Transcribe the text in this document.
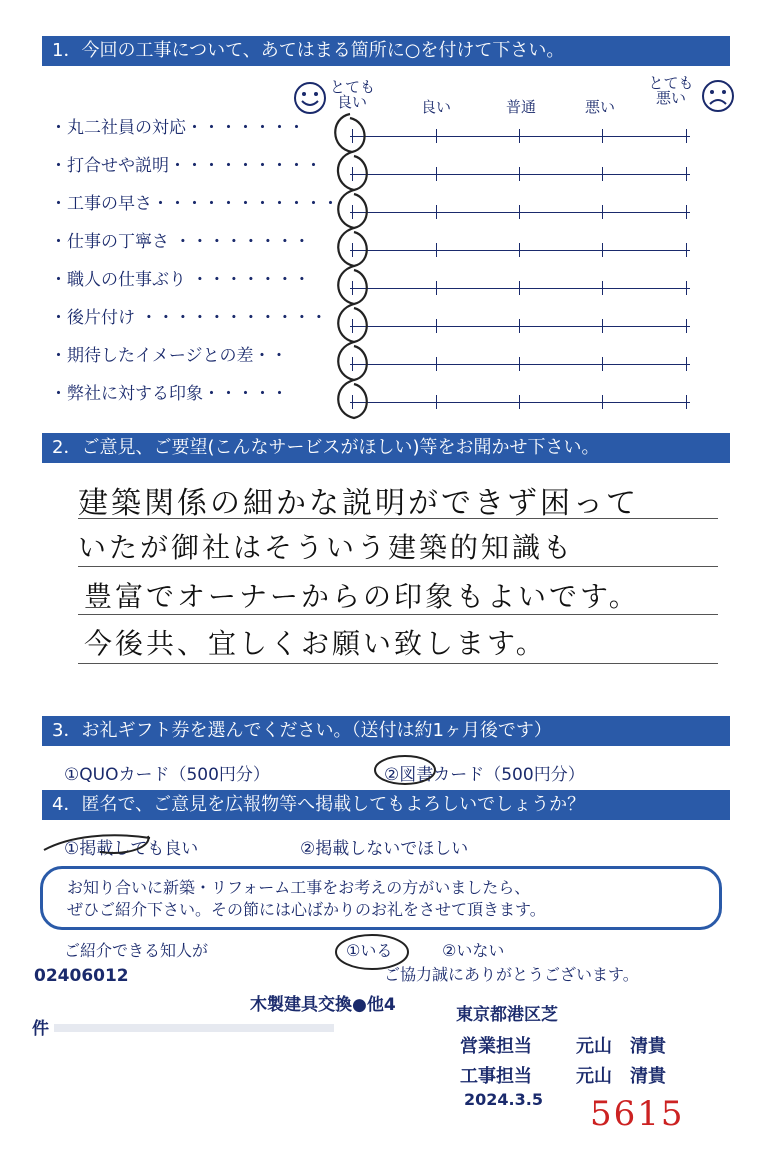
1．今回の工事について、あてはまる箇所に○を付けて下さい。
とても
良い	良い	普通	悪い
とても
悪い
・丸二社員の対応・・・・・・・
・打合せや説明・・・・・・・・・
・工事の早さ・・・・・・・・・・・
・仕事の丁寧さ ・・・・・・・・
・職人の仕事ぶり ・・・・・・・
・後片付け ・・・・・・・・・・・
・期待したイメージとの差・・
・弊社に対する印象・・・・・
2．ご意見、ご要望(こんなサービスがほしい)等をお聞かせ下さい。
建築関係の細かな説明ができず困って
いたが御社はそういう建築的知識も
豊富でオーナーからの印象もよいです。
今後共、宜しくお願い致します。
3．お礼ギフト券を選んでください。（送付は約1ヶ月後です）
①QUOカード（500円分）	②図書カード（500円分）
4．匿名で、ご意見を広報物等へ掲載してもよろしいでしょうか？
①掲載しても良い	②掲載しないでほしい
お知り合いに新築・リフォーム工事をお考えの方がいましたら、
ぜひご紹介下さい。その節には心ばかりのお礼をさせて頂きます。
ご紹介できる知人が	①いる	②いない
ご協力誠にありがとうございます。
02406012
件
木製建具交換●他4	東京都港区芝
営業担当 元山　清貴
工事担当 元山　清貴
2024.3.5 5615
